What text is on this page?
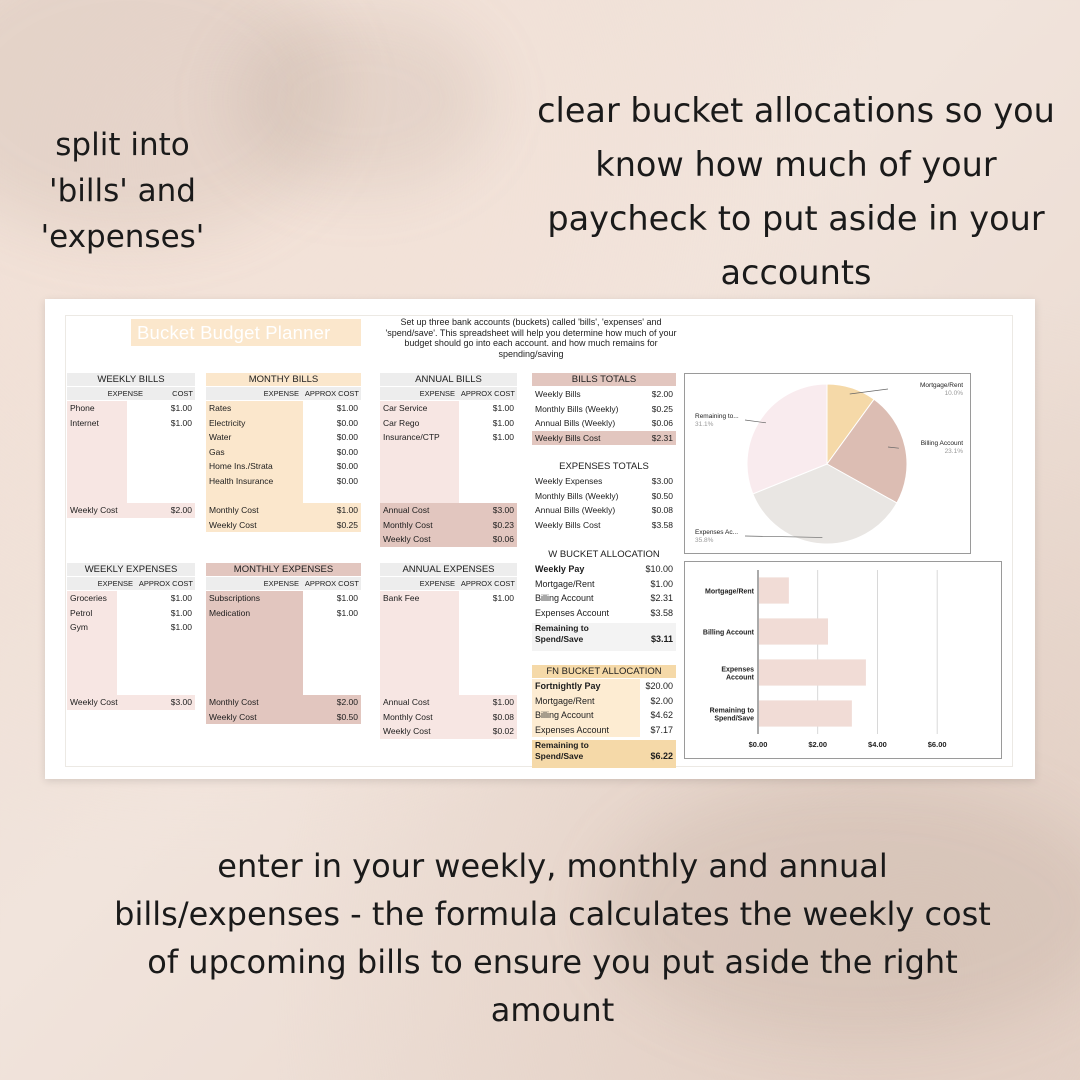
split into 'bills' and 'expenses'
clear bucket allocations so you know how much of your paycheck to put aside in your accounts
enter in your weekly, monthly and annual bills/expenses - the formula calculates the weekly cost of upcoming bills to ensure you put aside the right amount
Bucket Budget Planner	Set up three bank accounts (buckets) called 'bills', 'expenses' and 'spend/save'. This spreadsheet will help you determine how much of your budget should go into each account. and how much remains for spending/saving
WEEKLY BILLS
EXPENSE	COST
Phone	$1.00
Internet	$1.00
Weekly Cost	$2.00
MONTHY BILLS
EXPENSE APPROX COST
Rates	$1.00
Electricity	$0.00
Water	$0.00
Gas	$0.00
Home Ins./Strata	$0.00
Health Insurance	$0.00
Monthly Cost	$1.00
Weekly Cost	$0.25
ANNUAL BILLS
EXPENSE APPROX COST
Car Service	$1.00
Car Rego	$1.00
Insurance/CTP	$1.00
Annual Cost	$3.00
Monthly Cost	$0.23
Weekly Cost	$0.06
WEEKLY EXPENSES
EXPENSE APPROX COST
Groceries	$1.00
Petrol	$1.00
Gym	$1.00
Weekly Cost	$3.00
MONTHLY EXPENSES
EXPENSE APPROX COST
Subscriptions	$1.00
Medication	$1.00
Monthly Cost	$2.00
Weekly Cost	$0.50
ANNUAL EXPENSES
EXPENSE APPROX COST
Bank Fee	$1.00
Annual Cost	$1.00
Monthly Cost	$0.08
Weekly Cost	$0.02
BILLS TOTALS
Weekly Bills	$2.00
Monthly Bills (Weekly)	$0.25
Annual Bills (Weekly)	$0.06
Weekly Bills Cost	$2.31
EXPENSES TOTALS
Weekly Expenses	$3.00
Monthly Bills (Weekly)	$0.50
Annual Bills (Weekly)	$0.08
Weekly Bills Cost	$3.58
W BUCKET ALLOCATION
Weekly Pay	$10.00
Mortgage/Rent	$1.00
Billing Account	$2.31
Expenses Account	$3.58
Remaining to
Spend/Save	$3.11
FN BUCKET ALLOCATION
Fortnightly Pay	$20.00
Mortgage/Rent	$2.00
Billing Account	$4.62
Expenses Account	$7.17
Remaining to
Spend/Save	$6.22
Mortgage/Rent
10.0%
Billing Account
23.1%
Expenses Ac...
35.8%
Remaining to...
31.1%
$0.00	$2.00	$4.00	$6.00
Mortgage/Rent
Billing Account
Expenses
Account
Remaining to
Spend/Save
